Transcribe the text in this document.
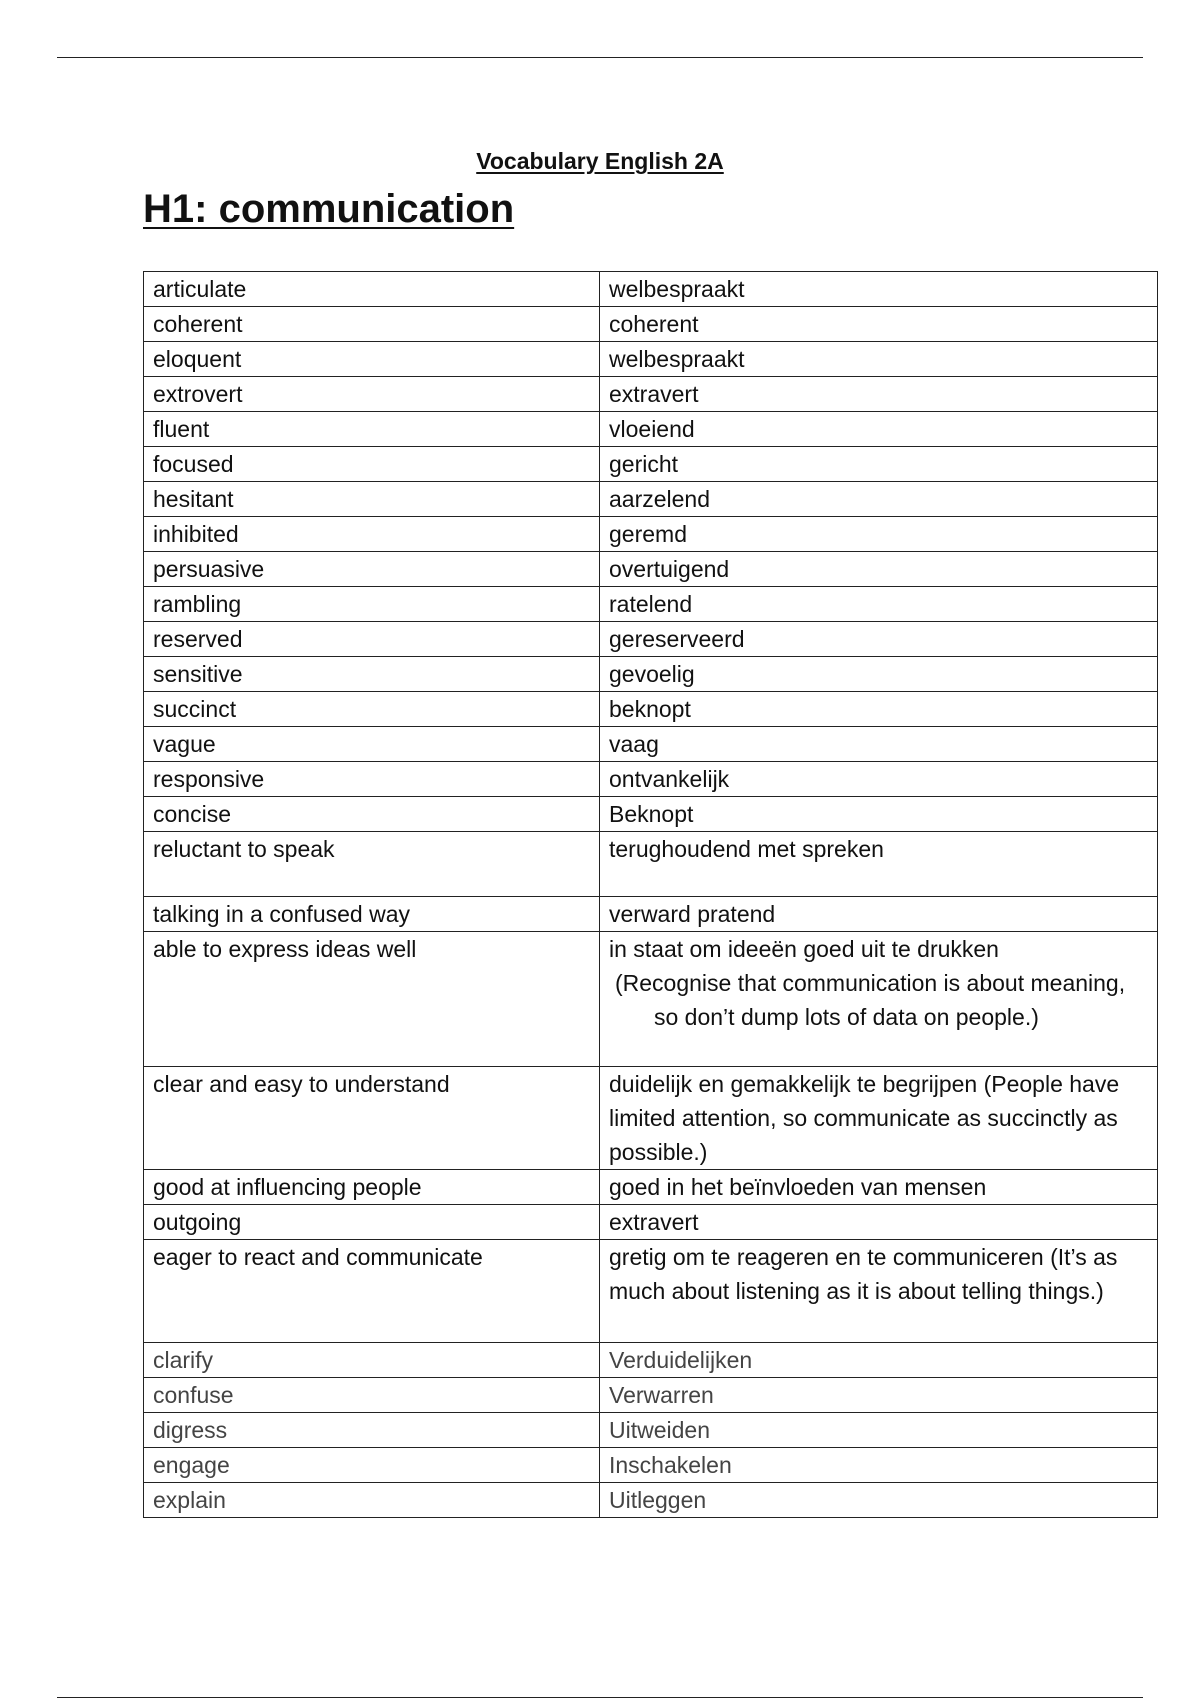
Vocabulary English 2A
H1: communication
articulate	welbespraakt
coherent	coherent
eloquent	welbespraakt
extrovert	extravert
fluent	vloeiend
focused	gericht
hesitant	aarzelend
inhibited	geremd
persuasive	overtuigend
rambling	ratelend
reserved	gereserveerd
sensitive	gevoelig
succinct	beknopt
vague	vaag
responsive	ontvankelijk
concise	Beknopt
reluctant to speak	terughoudend met spreken
talking in a confused way	verward pratend
able to express ideas well	in staat om ideeën goed uit te drukken
(Recognise that communication is about meaning, so don’t dump lots of data on people.)

clear and easy to understand	duidelijk en gemakkelijk te begrijpen (People have limited attention, so communicate as succinctly as possible.)
good at influencing people	goed in het beïnvloeden van mensen
outgoing	extravert
eager to react and communicate	gretig om te reageren en te communiceren (It’s as much about listening as it is about telling things.)
clarify	Verduidelijken
confuse	Verwarren
digress	Uitweiden
engage	Inschakelen
explain	Uitleggen
